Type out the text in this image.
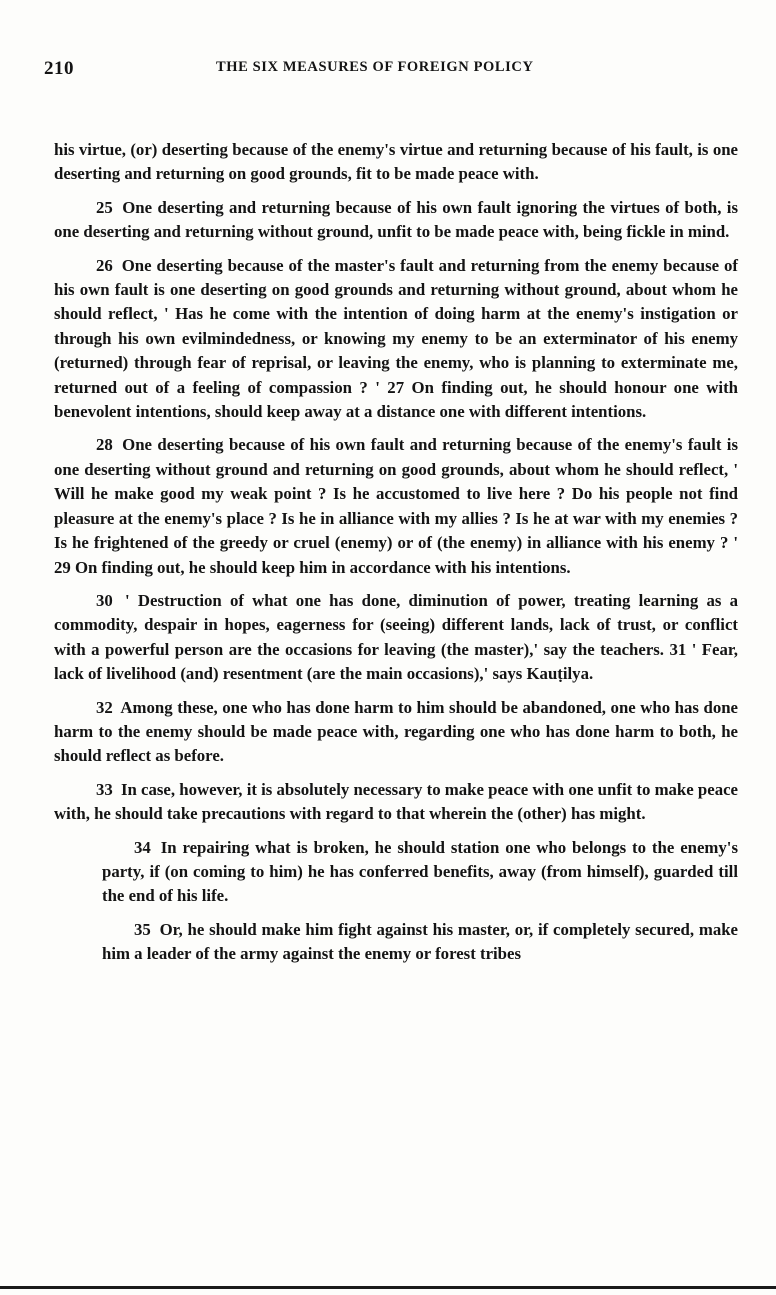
210	THE SIX MEASURES OF FOREIGN POLICY

his virtue, (or) deserting because of the enemy's virtue and returning because of his fault, is one deserting and returning on good grounds, fit to be made peace with.

25 One deserting and returning because of his own fault ignoring the virtues of both, is one deserting and returning without ground, unfit to be made peace with, being fickle in mind.

26 One deserting because of the master's fault and returning from the enemy because of his own fault is one deserting on good grounds and returning without ground, about whom he should reflect, ' Has he come with the intention of doing harm at the enemy's instigation or through his own evilmindedness, or knowing my enemy to be an exterminator of his enemy (returned) through fear of reprisal, or leaving the enemy, who is planning to exterminate me, returned out of a feeling of compassion ? ' 27 On finding out, he should honour one with benevolent intentions, should keep away at a distance one with different intentions.

28 One deserting because of his own fault and returning because of the enemy's fault is one deserting without ground and returning on good grounds, about whom he should reflect, ' Will he make good my weak point ? Is he accustomed to live here ? Do his people not find pleasure at the enemy's place ? Is he in alliance with my allies ? Is he at war with my enemies ? Is he frightened of the greedy or cruel (enemy) or of (the enemy) in alliance with his enemy ? ' 29 On finding out, he should keep him in accordance with his intentions.

30 ' Destruction of what one has done, diminution of power, treating learning as a commodity, despair in hopes, eagerness for (seeing) different lands, lack of trust, or conflict with a powerful person are the occasions for leaving (the master),' say the teachers. 31 ' Fear, lack of livelihood (and) resentment (are the main occasions),' says Kauṭilya.

32 Among these, one who has done harm to him should be abandoned, one who has done harm to the enemy should be made peace with, regarding one who has done harm to both, he should reflect as before.

33 In case, however, it is absolutely necessary to make peace with one unfit to make peace with, he should take precautions with regard to that wherein the (other) has might.

34 In repairing what is broken, he should station one who belongs to the enemy's party, if (on coming to him) he has conferred benefits, away (from himself), guarded till the end of his life.

35 Or, he should make him fight against his master, or, if completely secured, make him a leader of the army against the enemy or forest tribes
